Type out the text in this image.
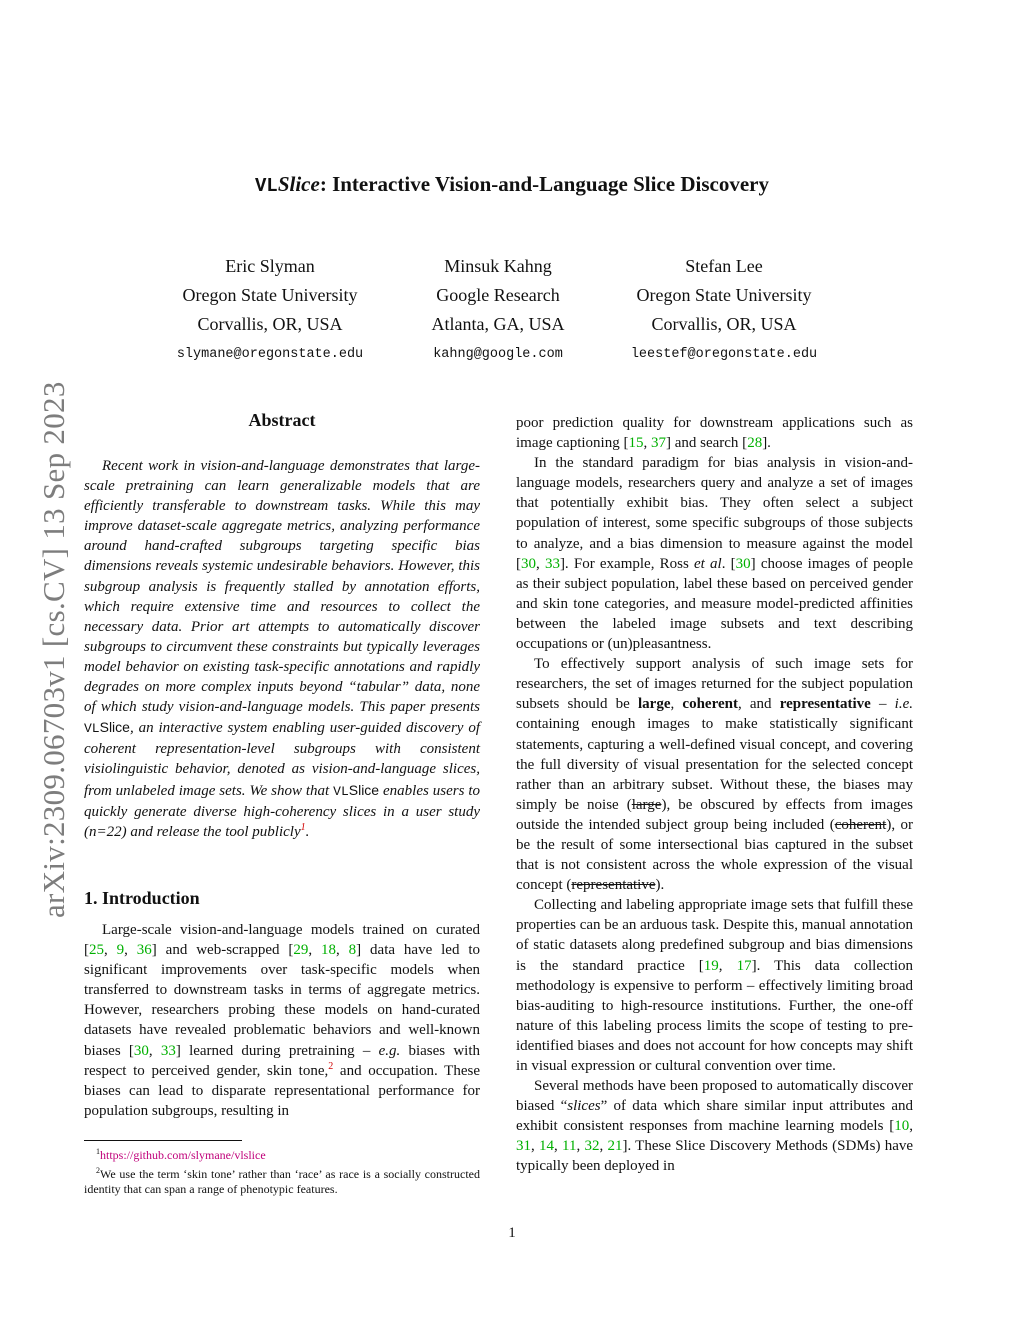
arXiv:2309.06703v1 [cs.CV] 13 Sep 2023
VLSlice: Interactive Vision-and-Language Slice Discovery
Eric Slyman
Oregon State University
Corvallis, OR, USA
slymane@oregonstate.edu
Minsuk Kahng
Google Research
Atlanta, GA, USA
kahng@google.com
Stefan Lee
Oregon State University
Corvallis, OR, USA
leestef@oregonstate.edu
Abstract

Recent work in vision-and-language demonstrates that large-scale pretraining can learn generalizable models that are efficiently transferable to downstream tasks. While this may improve dataset-scale aggregate metrics, analyzing performance around hand-crafted subgroups targeting specific bias dimensions reveals systemic undesirable behaviors. However, this subgroup analysis is frequently stalled by annotation efforts, which require extensive time and resources to collect the necessary data. Prior art attempts to automatically discover subgroups to circumvent these constraints but typically leverages model behavior on existing task-specific annotations and rapidly degrades on more complex inputs beyond “tabular” data, none of which study vision-and-language models. This paper presents VLSlice, an interactive system enabling user-guided discovery of coherent representation-level subgroups with consistent visiolinguistic behavior, denoted as vision-and-language slices, from unlabeled image sets. We show that VLSlice enables users to quickly generate diverse high-coherency slices in a user study (n=22) and release the tool publicly$^1$.

1. Introduction

Large-scale vision-and-language models trained on curated [25, 9, 36] and web-scrapped [29, 18, 8] data have led to significant improvements over task-specific models when transferred to downstream tasks in terms of aggregate metrics. However, researchers probing these models on hand-curated datasets have revealed problematic behaviors and well-known biases [30, 33] learned during pretraining – e.g. biases with respect to perceived gender, skin tone,$^2$ and occupation. These biases can lead to disparate representational performance for population subgroups, resulting in

$^1$https://github.com/slymane/vlslice
$^2$We use the term ‘skin tone’ rather than ‘race’ as race is a socially constructed identity that can span a range of phenotypic features.

poor prediction quality for downstream applications such as image captioning [15, 37] and search [28].

In the standard paradigm for bias analysis in vision-and-language models, researchers query and analyze a set of images that potentially exhibit bias. They often select a subject population of interest, some specific subgroups of those subjects to analyze, and a bias dimension to measure against the model [30, 33]. For example, Ross et al. [30] choose images of people as their subject population, label these based on perceived gender and skin tone categories, and measure model-predicted affinities between the labeled image subsets and text describing occupations or (un)pleasantness.

To effectively support analysis of such image sets for researchers, the set of images returned for the subject population subsets should be large, coherent, and representative – i.e. containing enough images to make statistically significant statements, capturing a well-defined visual concept, and covering the full diversity of visual presentation for the selected concept rather than an arbitrary subset. Without these, the biases may simply be noise (large), be obscured by effects from images outside the intended subject group being included (coherent), or be the result of some intersectional bias captured in the subset that is not consistent across the whole expression of the visual concept (representative).

Collecting and labeling appropriate image sets that fulfill these properties can be an arduous task. Despite this, manual annotation of static datasets along predefined subgroup and bias dimensions is the standard practice [19, 17]. This data collection methodology is expensive to perform – effectively limiting broad bias-auditing to high-resource institutions. Further, the one-off nature of this labeling process limits the scope of testing to pre-identified biases and does not account for how concepts may shift in visual expression or cultural convention over time.

Several methods have been proposed to automatically discover biased “slices” of data which share similar input attributes and exhibit consistent responses from machine learning models [10, 31, 14, 11, 32, 21]. These Slice Discovery Methods (SDMs) have typically been deployed in

1
